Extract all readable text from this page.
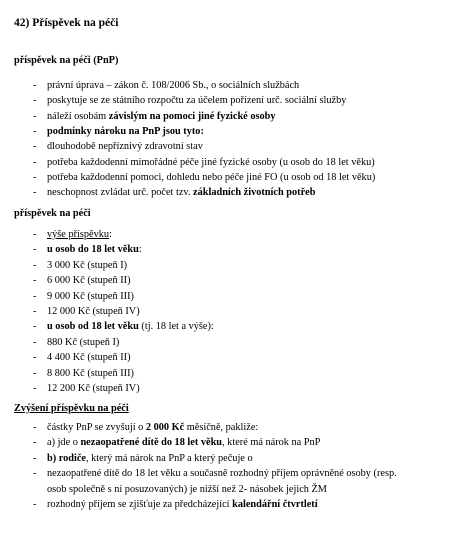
42) Příspěvek na péči
příspěvek na péči (PnP)
- právní úprava – zákon č. 108/2006 Sb., o sociálních službách
- poskytuje se ze státního rozpočtu za účelem pořízení urč. sociální služby
- náleží osobám závislým na pomoci jiné fyzické osoby
- podmínky nároku na PnP jsou tyto:
- dlouhodobě nepříznivý zdravotní stav
- potřeba každodenní mimořádné péče jiné fyzické osoby (u osob do 18 let věku)
- potřeba každodenní pomoci, dohledu nebo péče jiné FO (u osob od 18 let věku)
- neschopnost zvládat urč. počet tzv. základních životních potřeb
příspěvek na péči
- výše příspěvku:
- u osob do 18 let věku:
- 3 000 Kč (stupeň I)
- 6 000 Kč (stupeň II)
- 9 000 Kč (stupeň III)
- 12 000 Kč (stupeň IV)
- u osob od 18 let věku (tj. 18 let a výše):
- 880 Kč (stupeň I)
- 4 400 Kč (stupeň II)
- 8 800 Kč (stupeň III)
- 12 200 Kč (stupeň IV)
Zvýšení příspěvku na péči
- částky PnP se zvyšují o 2 000 Kč měsíčně, pakliže:
- a) jde o nezaopatřené dítě do 18 let věku, které má nárok na PnP
- b) rodiče, který má nárok na PnP a který pečuje o
- nezaopatřené dítě do 18 let věku a současně rozhodný příjem oprávněné osoby (resp.
osob společně s ní posuzovaných) je nižší než 2- násobek jejich ŽM
- rozhodný příjem se zjišťuje za předcházející kalendářní čtvrtletí
